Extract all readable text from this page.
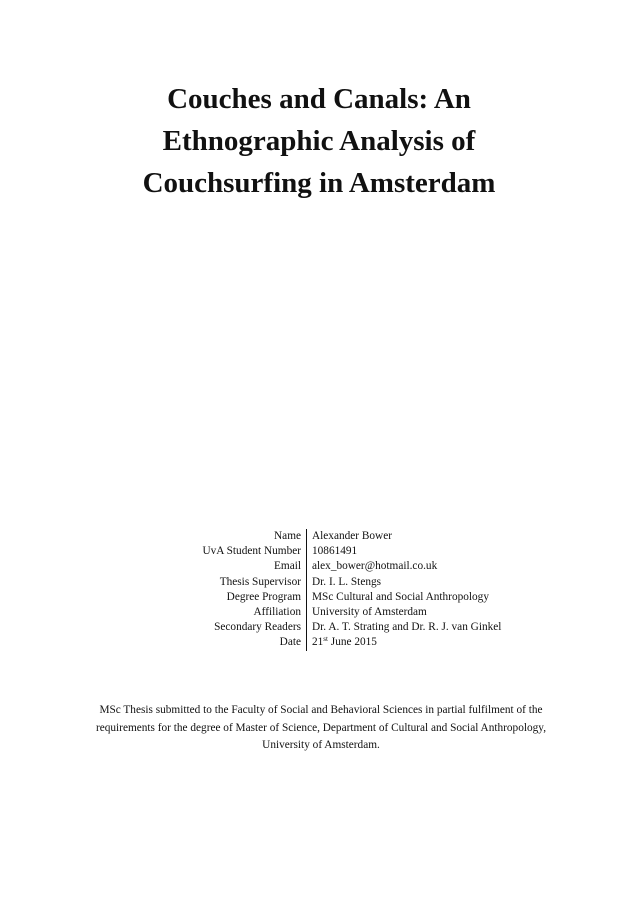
Couches and Canals: An
Ethnographic Analysis of
Couchsurfing in Amsterdam
Name	Alexander Bower
UvA Student Number	10861491
Email	alex_bower@hotmail.co.uk
Thesis Supervisor	Dr. I. L. Stengs
Degree Program	MSc Cultural and Social Anthropology
Affiliation	University of Amsterdam
Secondary Readers	Dr. A. T. Strating and Dr. R. J. van Ginkel
Date	21st June 2015

MSc Thesis submitted to the Faculty of Social and Behavioral Sciences in partial fulfilment of the requirements for the degree of Master of Science, Department of Cultural and Social Anthropology, University of Amsterdam.
